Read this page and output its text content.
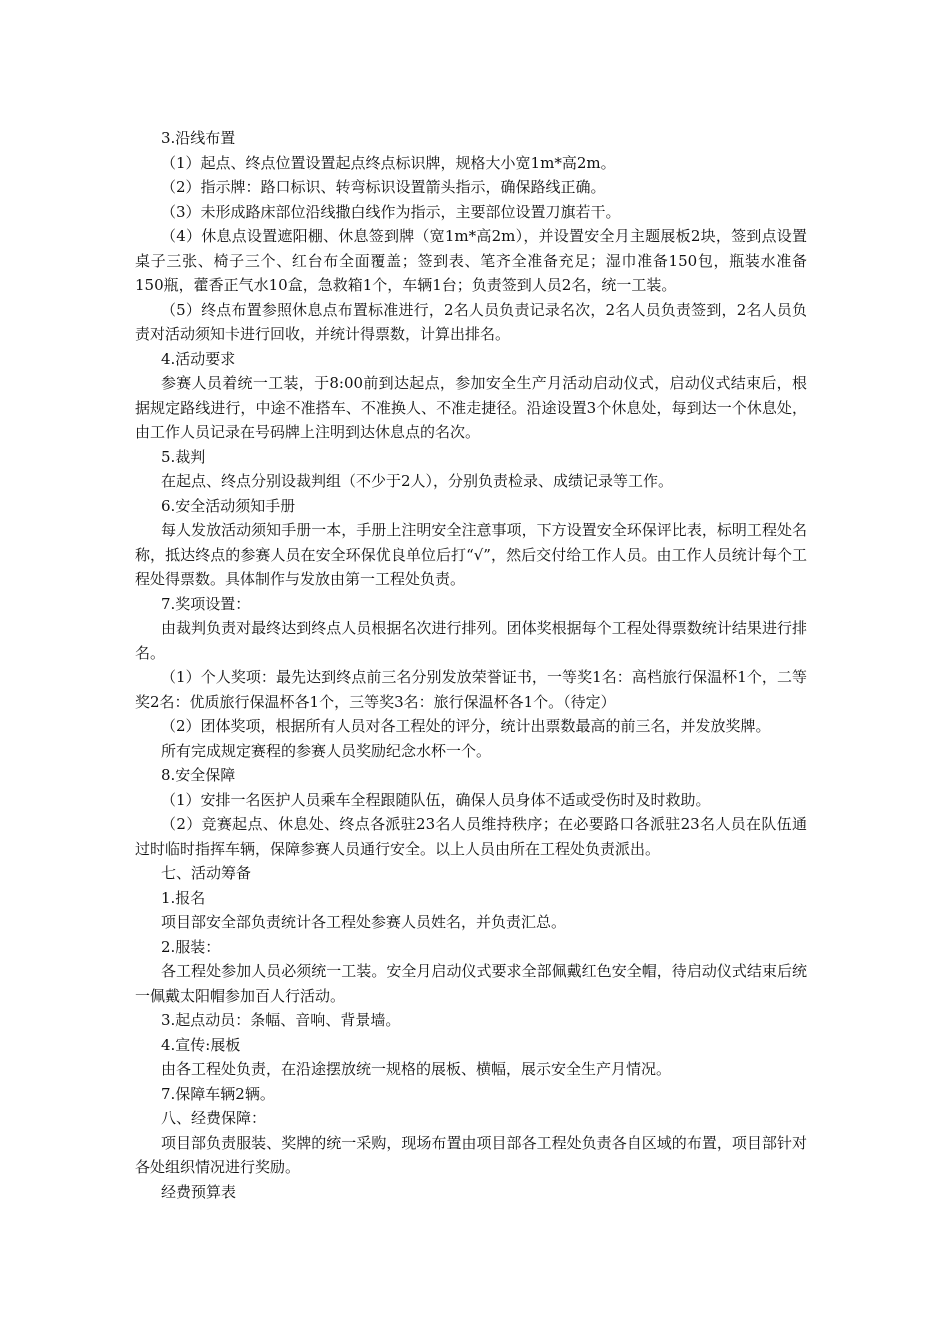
3.沿线布置

（1）起点、终点位置设置起点终点标识牌，规格大小宽1m*高2m。

（2）指示牌：路口标识、转弯标识设置箭头指示，确保路线正确。

（3）未形成路床部位沿线撒白线作为指示，主要部位设置刀旗若干。

（4）休息点设置遮阳棚、休息签到牌（宽1m*高2m），并设置安全月主题展板2块，签到点设置桌子三张、椅子三个、红台布全面覆盖；签到表、笔齐全准备充足；湿巾准备150包，瓶装水准备150瓶，藿香正气水10盒，急救箱1个，车辆1台；负责签到人员2名，统一工装。

（5）终点布置参照休息点布置标准进行，2名人员负责记录名次，2名人员负责签到，2名人员负责对活动须知卡进行回收，并统计得票数，计算出排名。

4.活动要求

参赛人员着统一工装，于8:00前到达起点，参加安全生产月活动启动仪式，启动仪式结束后，根据规定路线进行，中途不准搭车、不准换人、不准走捷径。沿途设置3个休息处，每到达一个休息处，由工作人员记录在号码牌上注明到达休息点的名次。

5.裁判

在起点、终点分别设裁判组（不少于2人），分别负责检录、成绩记录等工作。

6.安全活动须知手册

每人发放活动须知手册一本，手册上注明安全注意事项，下方设置安全环保评比表，标明工程处名称，抵达终点的参赛人员在安全环保优良单位后打“√”，然后交付给工作人员。由工作人员统计每个工程处得票数。具体制作与发放由第一工程处负责。

7.奖项设置：

由裁判负责对最终达到终点人员根据名次进行排列。团体奖根据每个工程处得票数统计结果进行排名。

（1）个人奖项：最先达到终点前三名分别发放荣誉证书，一等奖1名：高档旅行保温杯1个，二等奖2名：优质旅行保温杯各1个，三等奖3名：旅行保温杯各1个。（待定）

（2）团体奖项，根据所有人员对各工程处的评分，统计出票数最高的前三名，并发放奖牌。

所有完成规定赛程的参赛人员奖励纪念水杯一个。

8.安全保障

（1）安排一名医护人员乘车全程跟随队伍，确保人员身体不适或受伤时及时救助。

（2）竞赛起点、休息处、终点各派驻23名人员维持秩序；在必要路口各派驻23名人员在队伍通过时临时指挥车辆，保障参赛人员通行安全。以上人员由所在工程处负责派出。

七、活动筹备

1.报名

项目部安全部负责统计各工程处参赛人员姓名，并负责汇总。

2.服装：

各工程处参加人员必须统一工装。安全月启动仪式要求全部佩戴红色安全帽，待启动仪式结束后统一佩戴太阳帽参加百人行活动。

3.起点动员：条幅、音响、背景墙。

4.宣传:展板

由各工程处负责，在沿途摆放统一规格的展板、横幅，展示安全生产月情况。

7.保障车辆2辆。

八、经费保障：

项目部负责服装、奖牌的统一采购，现场布置由项目部各工程处负责各自区域的布置，项目部针对各处组织情况进行奖励。

经费预算表
